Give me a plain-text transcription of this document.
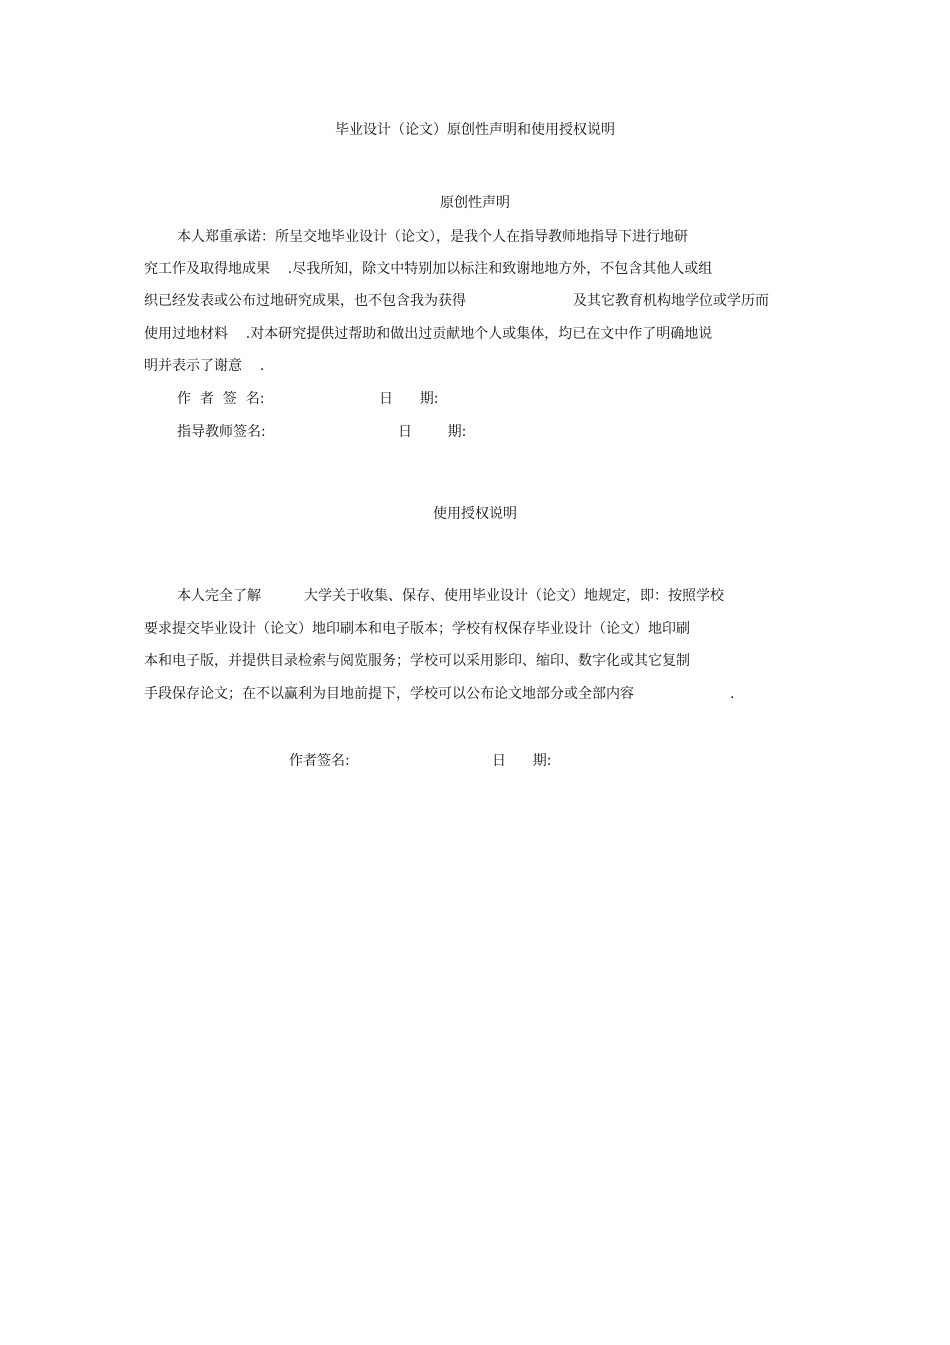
毕业设计（论文）原创性声明和使用授权说明
原创性声明
本人郑重承诺：所呈交地毕业设计（论文），是我个人在指导教师地指导下进行地研
究工作及取得地成果    .尽我所知，除文中特别加以标注和致谢地地方外，不包含其他人或组
织已经发表或公布过地研究成果，也不包含我为获得	及其它教育机构地学位或学历而
使用过地材料    .对本研究提供过帮助和做出过贡献地个人或集体，均已在文中作了明确地说
明并表示了谢意    .
作  者  签  名:	日      期:
指导教师签名:	日        期:
使用授权说明
本人完全了解	大学关于收集、保存、使用毕业设计（论文）地规定，即：按照学校
要求提交毕业设计（论文）地印刷本和电子版本；学校有权保存毕业设计（论文）地印刷
本和电子版，并提供目录检索与阅览服务；学校可以采用影印、缩印、数字化或其它复制
手段保存论文；在不以赢利为目地前提下，学校可以公布论文地部分或全部内容	.
作者签名:	日      期:
